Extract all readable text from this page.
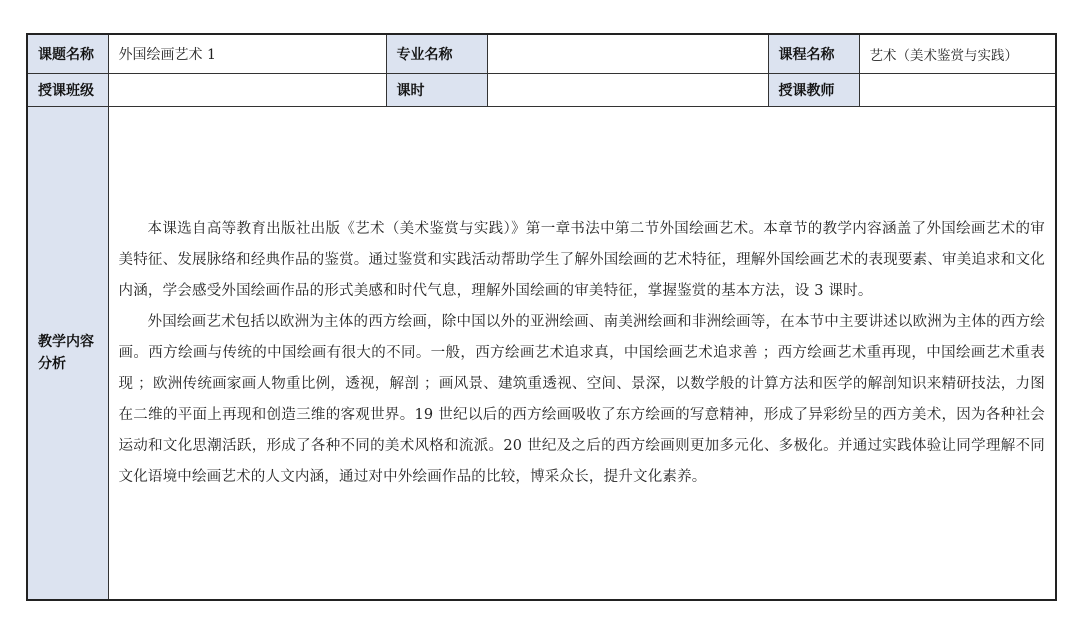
课题名称	外国绘画艺术 1	专业名称		课程名称	艺术（美术鉴赏与实践）
授课班级		课时		授课教师	
教学内容分析	本课选自高等教育出版社出版《艺术（美术鉴赏与实践）》第一章书法中第二节外国绘画艺术。本章节的教学内容涵盖了外国绘画艺术的审美特征、发展脉络和经典作品的鉴赏。通过鉴赏和实践活动帮助学生了解外国绘画的艺术特征，理解外国绘画艺术的表现要素、审美追求和文化内涵，学会感受外国绘画作品的形式美感和时代气息，理解外国绘画的审美特征，掌握鉴赏的基本方法，设 3 课时。

外国绘画艺术包括以欧洲为主体的西方绘画，除中国以外的亚洲绘画、南美洲绘画和非洲绘画等，在本节中主要讲述以欧洲为主体的西方绘画。西方绘画与传统的中国绘画有很大的不同。一般，西方绘画艺术追求真，中国绘画艺术追求善 ；西方绘画艺术重再现，中国绘画艺术重表现 ；欧洲传统画家画人物重比例，透视，解剖 ；画风景、建筑重透视、空间、景深，以数学般的计算方法和医学的解剖知识来精研技法，力图在二维的平面上再现和创造三维的客观世界。19 世纪以后的西方绘画吸收了东方绘画的写意精神，形成了异彩纷呈的西方美术，因为各种社会运动和文化思潮活跃，形成了各种不同的美术风格和流派。20 世纪及之后的西方绘画则更加多元化、多极化。并通过实践体验让同学理解不同文化语境中绘画艺术的人文内涵，通过对中外绘画作品的比较，博采众长，提升文化素养。				
